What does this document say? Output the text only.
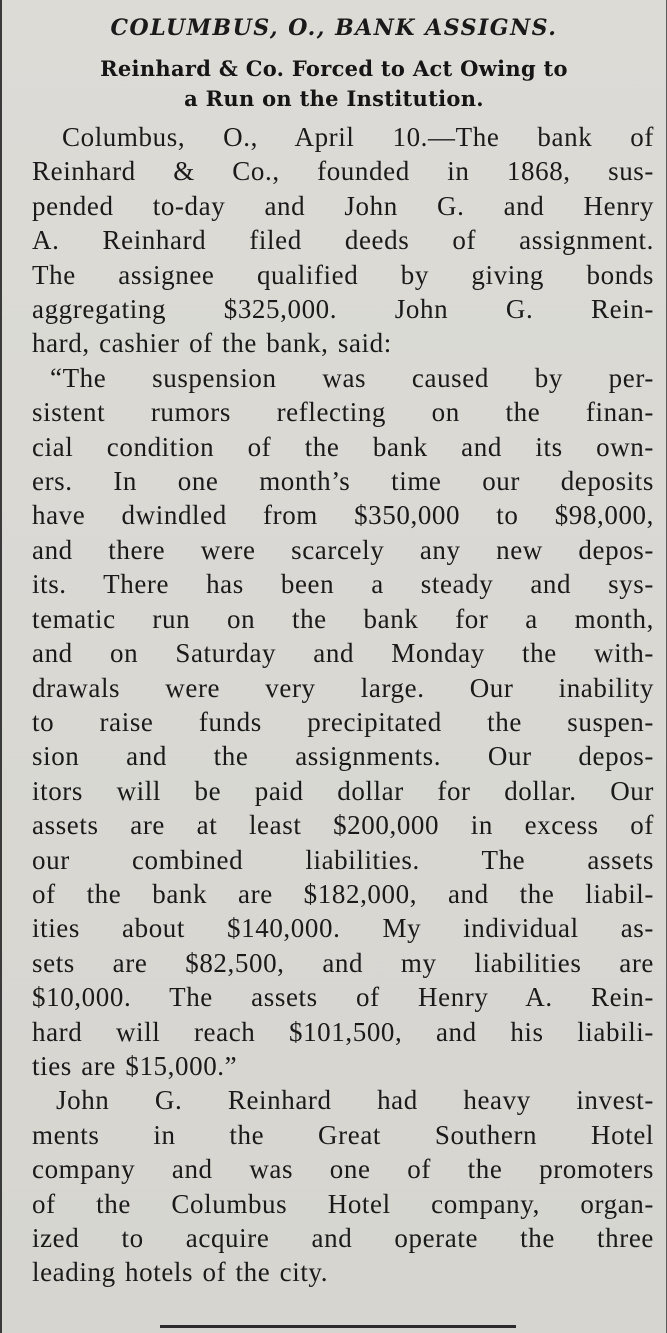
COLUMBUS, O., BANK ASSIGNS.
Reinhard & Co. Forced to Act Owing to
a Run on the Institution.
Columbus, O., April 10.—The bank of
Reinhard & Co., founded in 1868, sus-
pended to-day and John G. and Henry
A. Reinhard filed deeds of assignment.
The assignee qualified by giving bonds
aggregating $325,000. John G. Rein-
hard, cashier of the bank, said:
“The suspension was caused by per-
sistent rumors reflecting on the finan-
cial condition of the bank and its own-
ers. In one month’s time our deposits
have dwindled from $350,000 to $98,000,
and there were scarcely any new depos-
its. There has been a steady and sys-
tematic run on the bank for a month,
and on Saturday and Monday the with-
drawals were very large. Our inability
to raise funds precipitated the suspen-
sion and the assignments. Our depos-
itors will be paid dollar for dollar. Our
assets are at least $200,000 in excess of
our combined liabilities. The assets
of the bank are $182,000, and the liabil-
ities about $140,000. My individual as-
sets are $82,500, and my liabilities are
$10,000. The assets of Henry A. Rein-
hard will reach $101,500, and his liabili-
ties are $15,000.”
John G. Reinhard had heavy invest-
ments in the Great Southern Hotel
company and was one of the promoters
of the Columbus Hotel company, organ-
ized to acquire and operate the three
leading hotels of the city.
